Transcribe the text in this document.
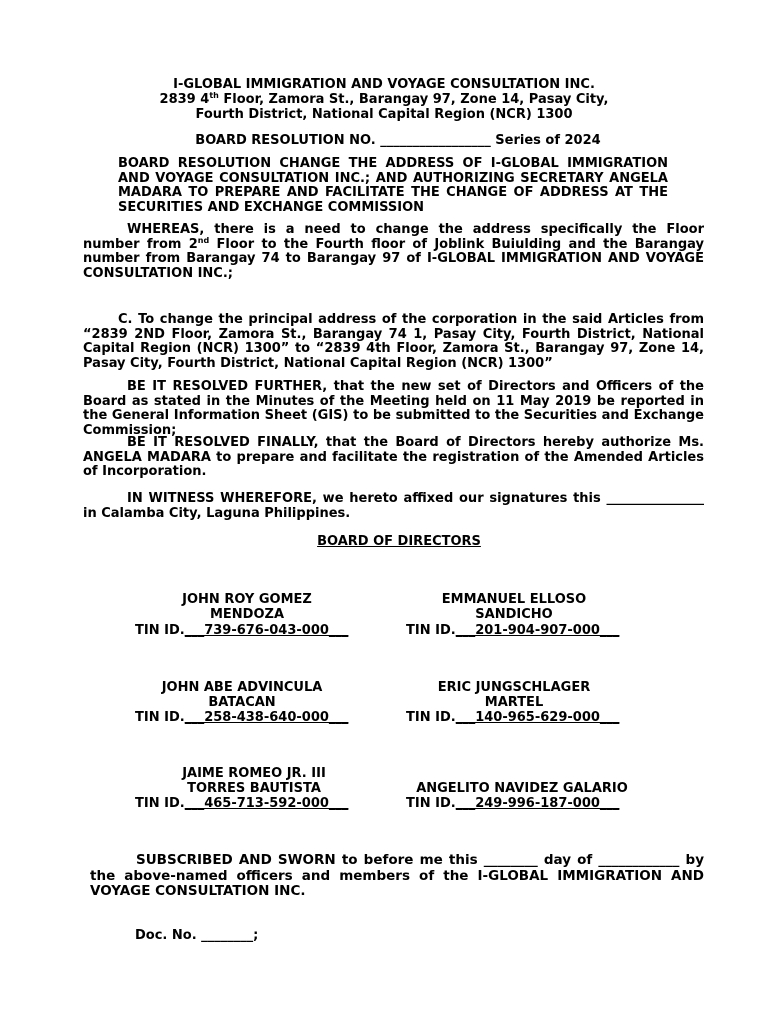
I-GLOBAL IMMIGRATION AND VOYAGE CONSULTATION INC.
2839 4th Floor, Zamora St., Barangay 97, Zone 14, Pasay City,
Fourth District, National Capital Region (NCR) 1300
BOARD RESOLUTION NO. _________________ Series of 2024
BOARD RESOLUTION CHANGE THE ADDRESS OF I-GLOBAL IMMIGRATION AND VOYAGE CONSULTATION INC.; AND AUTHORIZING SECRETARY ANGELA MADARA TO PREPARE AND FACILITATE THE CHANGE OF ADDRESS AT THE SECURITIES AND EXCHANGE COMMISSION
WHEREAS, there is a need to change the address specifically the Floor number from 2nd Floor to the Fourth floor of Joblink Buiulding and the Barangay number from Barangay 74 to Barangay 97 of I-GLOBAL IMMIGRATION AND VOYAGE CONSULTATION INC.;
C. To change the principal address of the corporation in the said Articles from “2839 2ND Floor, Zamora St., Barangay 74 1, Pasay City, Fourth District, National Capital Region (NCR) 1300” to “2839 4th Floor, Zamora St., Barangay 97, Zone 14, Pasay City, Fourth District, National Capital Region (NCR) 1300”
BE IT RESOLVED FURTHER, that the new set of Directors and Officers of the Board as stated in the Minutes of the Meeting held on 11 May 2019 be reported in the General Information Sheet (GIS) to be submitted to the Securities and Exchange Commission;
BE IT RESOLVED FINALLY, that the Board of Directors hereby authorize Ms. ANGELA MADARA to prepare and facilitate the registration of the Amended Articles of Incorporation.
IN WITNESS WHEREFORE, we hereto affixed our signatures this _______________ in Calamba City, Laguna Philippines.
BOARD OF DIRECTORS
JOHN ROY GOMEZ
MENDOZA
TIN ID.___739-676-043-000___
EMMANUEL ELLOSO
SANDICHO
TIN ID.___201-904-907-000___
JOHN ABE ADVINCULA
BATACAN
TIN ID.___258-438-640-000___
ERIC JUNGSCHLAGER
MARTEL
TIN ID.___140-965-629-000___
JAIME ROMEO JR. III
TORRES BAUTISTA
TIN ID.___465-713-592-000___
ANGELITO NAVIDEZ GALARIO
TIN ID.___249-996-187-000___
SUBSCRIBED AND SWORN to before me this ________ day of ____________ by the above-named officers and members of the I-GLOBAL IMMIGRATION AND VOYAGE CONSULTATION INC.
Doc. No. ________;
